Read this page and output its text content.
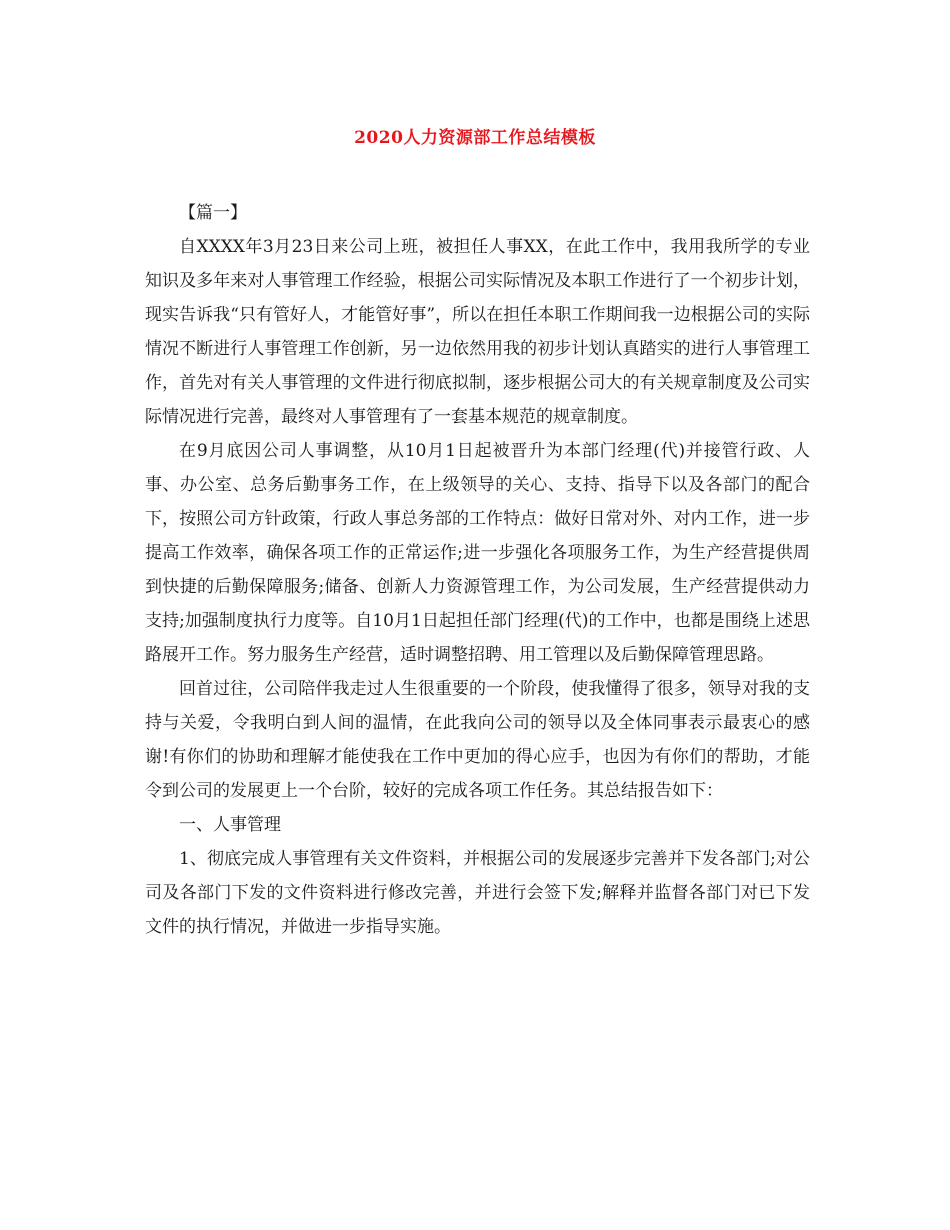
2020人力资源部工作总结模板

【篇一】

自XXXX年3月23日来公司上班，被担任人事XX，在此工作中，我用我所学的专业知识及多年来对人事管理工作经验，根据公司实际情况及本职工作进行了一个初步计划，现实告诉我“只有管好人，才能管好事”，所以在担任本职工作期间我一边根据公司的实际情况不断进行人事管理工作创新，另一边依然用我的初步计划认真踏实的进行人事管理工作，首先对有关人事管理的文件进行彻底拟制，逐步根据公司大的有关规章制度及公司实际情况进行完善，最终对人事管理有了一套基本规范的规章制度。

在9月底因公司人事调整，从10月1日起被晋升为本部门经理(代)并接管行政、人事、办公室、总务后勤事务工作，在上级领导的关心、支持、指导下以及各部门的配合下，按照公司方针政策，行政人事总务部的工作特点：做好日常对外、对内工作，进一步提高工作效率，确保各项工作的正常运作;进一步强化各项服务工作，为生产经营提供周到快捷的后勤保障服务;储备、创新人力资源管理工作，为公司发展，生产经营提供动力支持;加强制度执行力度等。自10月1日起担任部门经理(代)的工作中，也都是围绕上述思路展开工作。努力服务生产经营，适时调整招聘、用工管理以及后勤保障管理思路。

回首过往，公司陪伴我走过人生很重要的一个阶段，使我懂得了很多，领导对我的支持与关爱，令我明白到人间的温情，在此我向公司的领导以及全体同事表示最衷心的感谢!有你们的协助和理解才能使我在工作中更加的得心应手，也因为有你们的帮助，才能令到公司的发展更上一个台阶，较好的完成各项工作任务。其总结报告如下：

一、人事管理

1、彻底完成人事管理有关文件资料，并根据公司的发展逐步完善并下发各部门;对公司及各部门下发的文件资料进行修改完善，并进行会签下发;解释并监督各部门对已下发文件的执行情况，并做进一步指导实施。
